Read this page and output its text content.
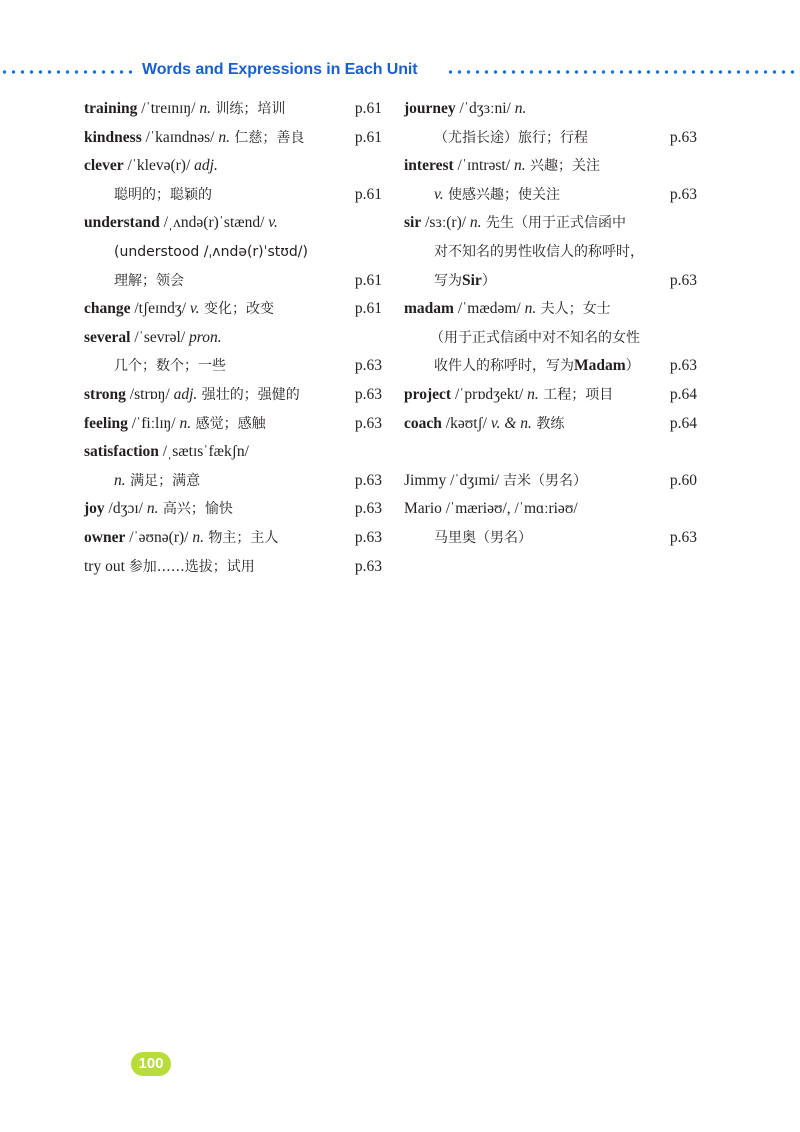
Words and Expressions in Each Unit
training /ˈtreɪnɪŋ/ n. 训练；培训	p.61
kindness /ˈkaɪndnəs/ n. 仁慈；善良	p.61
clever /ˈklevə(r)/ adj.
聪明的；聪颖的	p.61
understand /ˌʌndə(r)ˈstænd/ v.
(understood /ˌʌndə(r)ˈstʊd/)
理解；领会	p.61
change /tʃeɪndʒ/ v. 变化；改变	p.61
several /ˈsevrəl/ pron.
几个；数个；一些	p.63
strong /strɒŋ/ adj. 强壮的；强健的	p.63
feeling /ˈfiːlɪŋ/ n. 感觉；感触	p.63
satisfaction /ˌsætɪsˈfækʃn/
n. 满足；满意	p.63
joy /dʒɔɪ/ n. 高兴；愉快	p.63
owner /ˈəʊnə(r)/ n. 物主；主人	p.63
try out 参加……选拔；试用	p.63
journey /ˈdʒɜːni/ n.
（尤指长途）旅行；行程	p.63
interest /ˈɪntrəst/ n. 兴趣；关注
v. 使感兴趣；使关注	p.63
sir /sɜː(r)/ n. 先生（用于正式信函中
对不知名的男性收信人的称呼时，
写为Sir）	p.63
madam /ˈmædəm/ n. 夫人；女士
（用于正式信函中对不知名的女性
收件人的称呼时，写为Madam） p.63
project /ˈprɒdʒekt/ n. 工程；项目	p.64
coach /kəʊtʃ/ v. & n. 教练	p.64
Jimmy /ˈdʒɪmi/ 吉米（男名）	p.60
Mario /ˈmæriəʊ/, /ˈmɑːriəʊ/
马里奥（男名）	p.63
100
